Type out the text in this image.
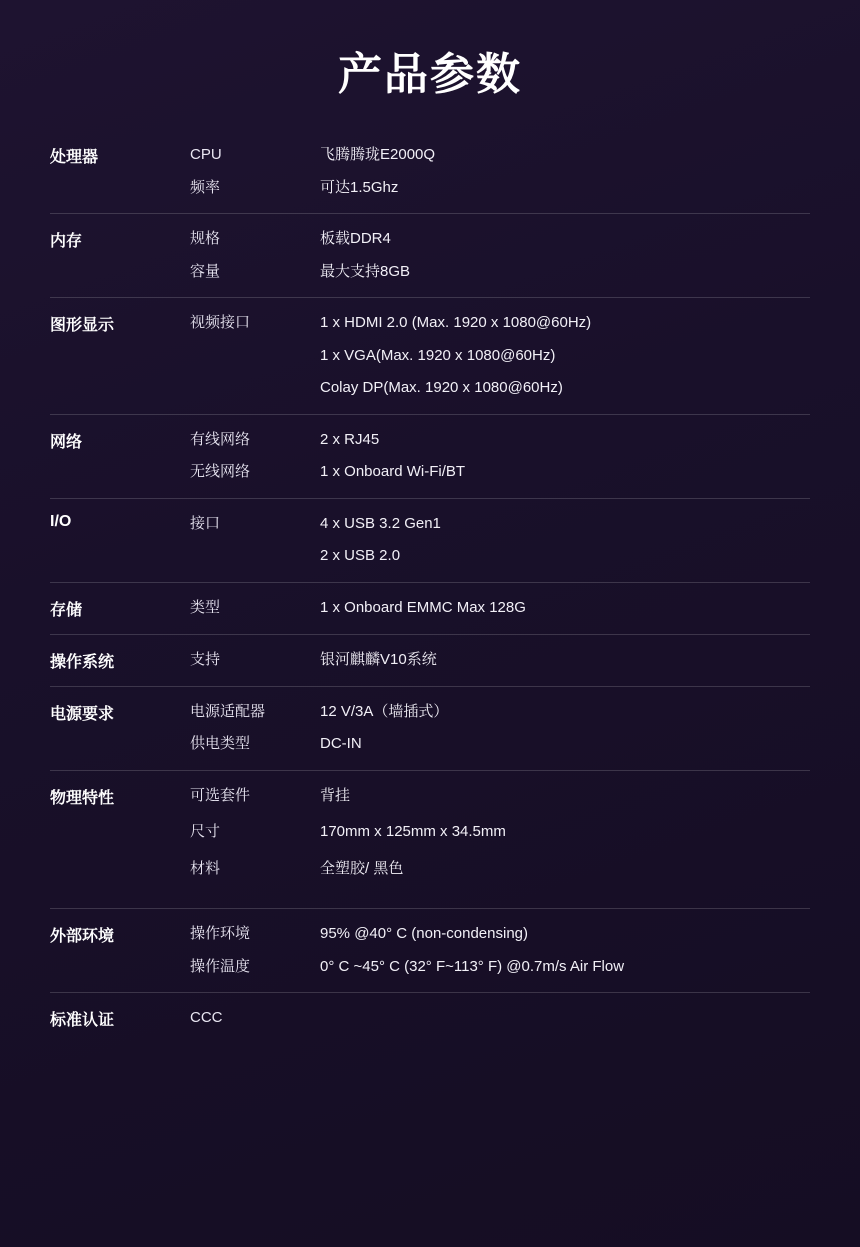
产品参数
处理器	CPU 飞腾腾珑E2000Q
频率 可达1.5Ghz

内存	规格 板载DDR4
容量 最大支持8GB

图形显示	视频接口 1 x HDMI 2.0 (Max. 1920 x 1080@60Hz)
1 x VGA(Max. 1920 x 1080@60Hz)
Colay DP(Max. 1920 x 1080@60Hz)

网络	有线网络 2 x RJ45
无线网络 1 x Onboard Wi-Fi/BT

I/O	接口 4 x USB 3.2 Gen1
2 x USB 2.0

存储	类型 1 x Onboard EMMC Max 128G

操作系统	支持 银河麒麟V10系统

电源要求	电源适配器 12 V/3A（墙插式）
供电类型 DC-IN

物理特性	可选套件	背挂
尺寸	170mm x 125mm x 34.5mm
材料	全塑胶/ 黑色

外部环境	操作环境 95% @40° C (non-condensing)
操作温度 0° C ~45° C (32° F~113° F) @0.7m/s Air Flow

标准认证	CCC
